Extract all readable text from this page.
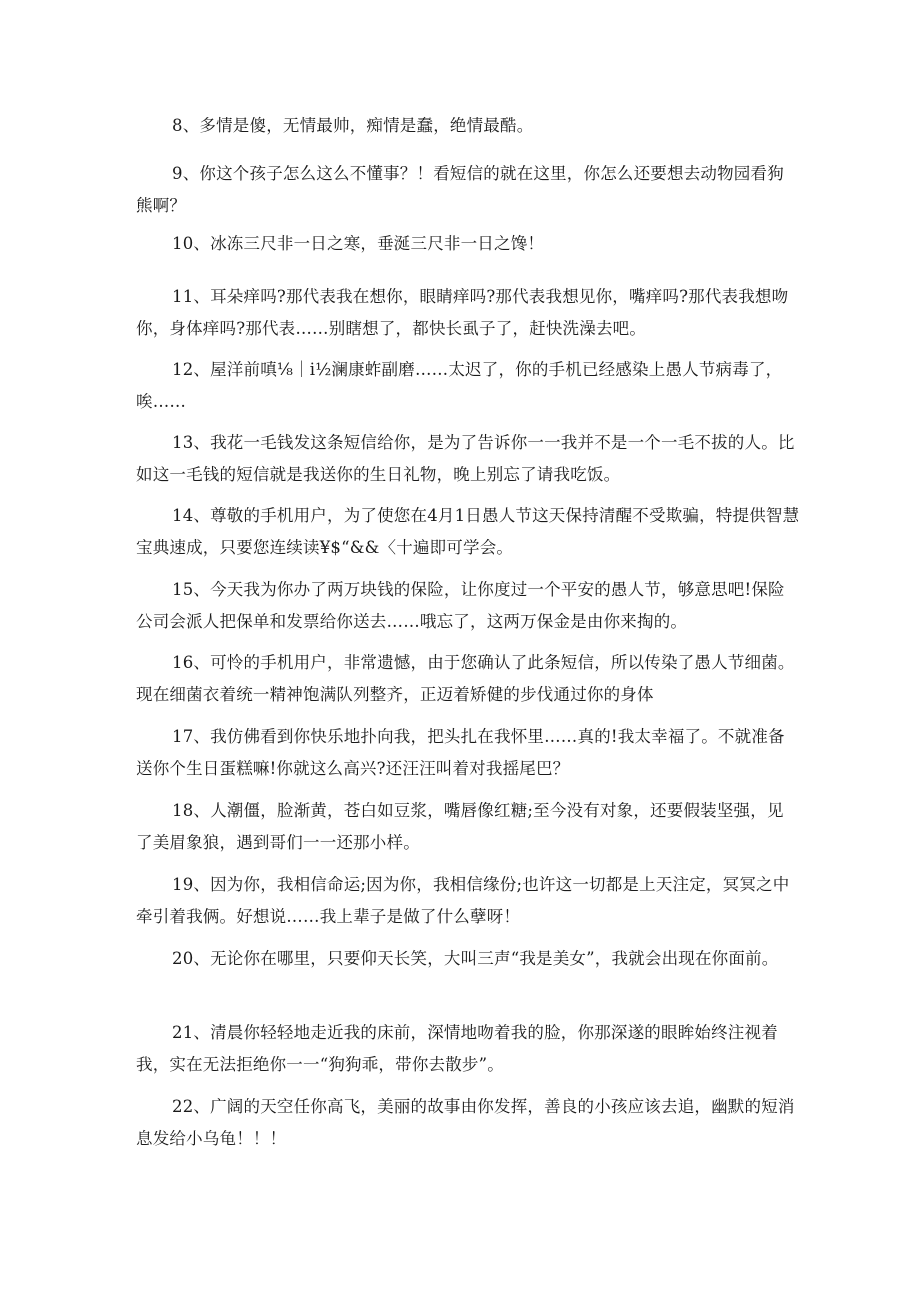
8、多情是傻，无情最帅，痴情是蠢，绝情最酷。

9、你这个孩子怎么这么不懂事？！看短信的就在这里，你怎么还要想去动物园看狗熊啊？

10、冰冻三尺非一日之寒，垂涎三尺非一日之馋！

11、耳朵痒吗?那代表我在想你，眼睛痒吗?那代表我想见你，嘴痒吗?那代表我想吻你，身体痒吗?那代表……别瞎想了，都快长虱子了，赶快洗澡去吧。

12、屋洋前嗔⅛｜i½澜康蚱副磨……太迟了，你的手机已经感染上愚人节病毒了，唉……

13、我花一毛钱发这条短信给你，是为了告诉你一一我并不是一个一毛不拔的人。比如这一毛钱的短信就是我送你的生日礼物，晚上别忘了请我吃饭。

14、尊敬的手机用户，为了使您在4月1日愚人节这天保持清醒不受欺骗，特提供智慧宝典速成，只要您连续读¥$“&&〈十遍即可学会。

15、今天我为你办了两万块钱的保险，让你度过一个平安的愚人节，够意思吧!保险公司会派人把保单和发票给你送去……哦忘了，这两万保金是由你来掏的。

16、可怜的手机用户，非常遗憾，由于您确认了此条短信，所以传染了愚人节细菌。现在细菌衣着统一精神饱满队列整齐，正迈着矫健的步伐通过你的身体

17、我仿佛看到你快乐地扑向我，把头扎在我怀里……真的!我太幸福了。不就准备送你个生日蛋糕嘛!你就这么高兴?还汪汪叫着对我摇尾巴？

18、人潮僵，脸渐黄，苍白如豆浆，嘴唇像红糖;至今没有对象，还要假装坚强，见了美眉象狼，遇到哥们一一还那小样。

19、因为你，我相信命运;因为你，我相信缘份;也许这一切都是上天注定，冥冥之中牵引着我俩。好想说……我上辈子是做了什么孽呀！

20、无论你在哪里，只要仰天长笑，大叫三声“我是美女”，我就会出现在你面前。

21、清晨你轻轻地走近我的床前，深情地吻着我的脸，你那深遂的眼眸始终注视着我，实在无法拒绝你一一“狗狗乖，带你去散步”。

22、广阔的天空任你高飞，美丽的故事由你发挥，善良的小孩应该去追，幽默的短消息发给小乌龟！！！
